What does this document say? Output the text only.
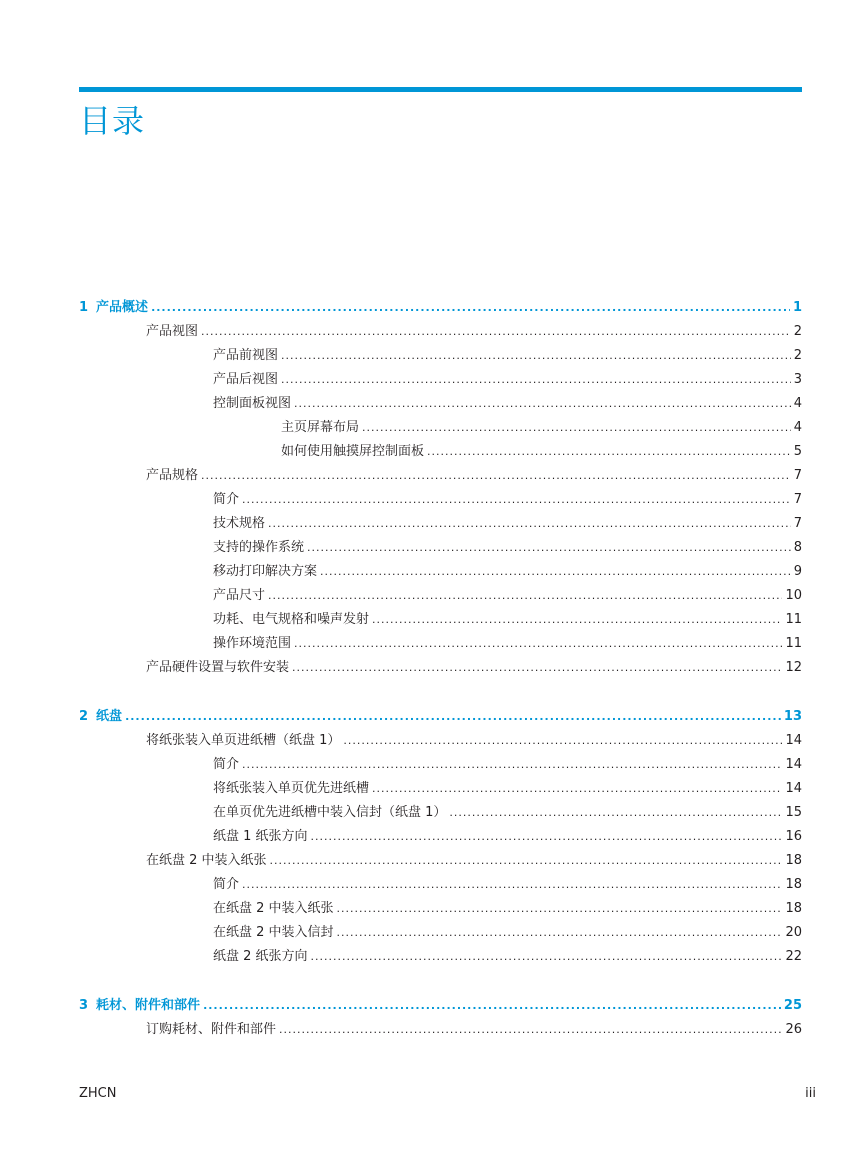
目录
1 产品概述 .....	1
产品视图 .....	2
产品前视图 .....	2
产品后视图 .....	3
控制面板视图 .....	4
主页屏幕布局 .....	4
如何使用触摸屏控制面板 .....	5
产品规格 .....	7
简介 .....	7
技术规格 .....	7
支持的操作系统 .....	8
移动打印解决方案 .....	9
产品尺寸 .....	10
功耗、电气规格和噪声发射 .....	11
操作环境范围 .....	11
产品硬件设置与软件安装 .....	12
2 纸盘 .....	13
将纸张装入单页进纸槽（纸盘 1） .....	14
简介 .....	14
将纸张装入单页优先进纸槽 .....	14
在单页优先进纸槽中装入信封（纸盘 1） .....	15
纸盘 1 纸张方向 .....	16
在纸盘 2 中装入纸张 .....	18
简介 .....	18
在纸盘 2 中装入纸张 .....	18
在纸盘 2 中装入信封 .....	20
纸盘 2 纸张方向 .....	22
3 耗材、附件和部件 .....	25
订购耗材、附件和部件 .....	26
ZHCN	iii
